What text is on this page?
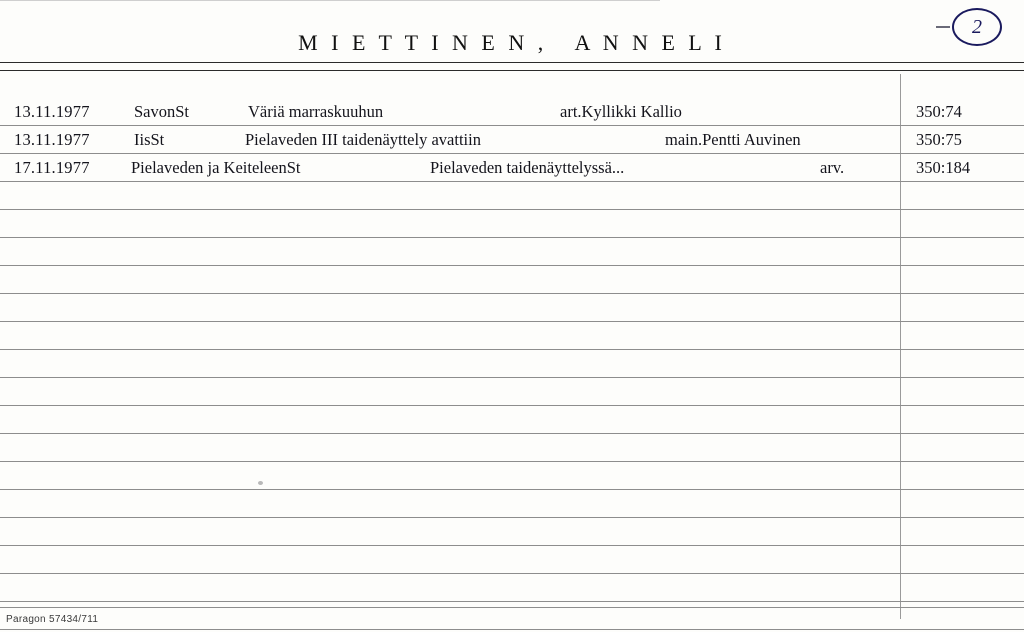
2
M I E T T I N E N ,   A N N E L I
13.11.1977	SavonSt	Väriä marraskuuhun	art.Kyllikki Kallio	350:74
13.11.1977	IisSt	Pielaveden III taidenäyttely avattiin	main.Pentti Auvinen	350:75
17.11.1977	Pielaveden ja KeiteleenSt	Pielaveden taidenäyttelyssä...	arv.	350:184
Paragon 57434/711
